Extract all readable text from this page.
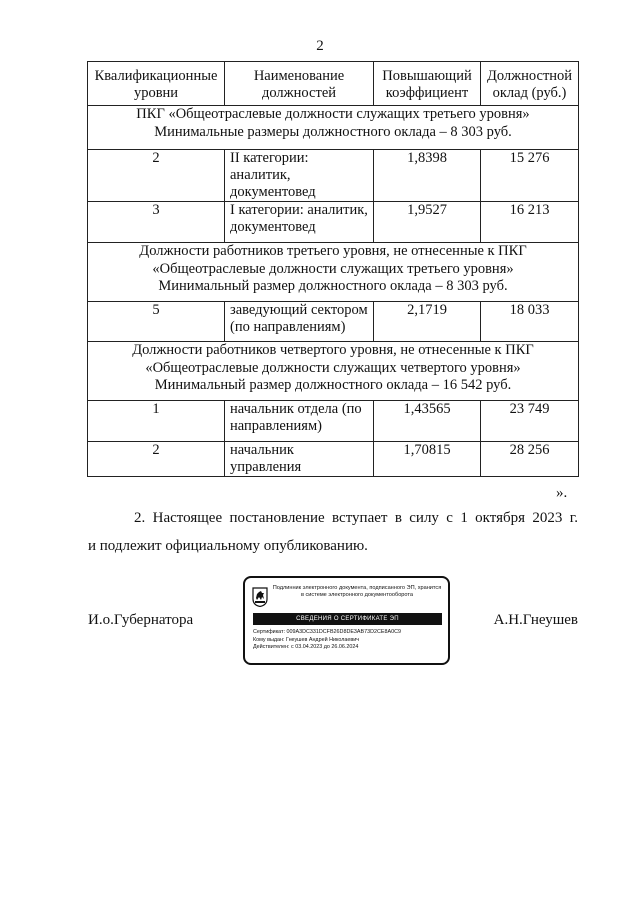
2
Квалификационные уровни	Наименование должностей	Повышающий коэффициент	Должностной оклад (руб.)

ПКГ «Общеотраслевые должности служащих третьего уровня»
Минимальные размеры должностного оклада – 8 303 руб.			

2	II категории: аналитик, документовед	1,8398	15 276
3	I категории: аналитик, документовед	1,9527	16 213

Должности работников третьего уровня, не отнесенные к ПКГ
«Общеотраслевые должности служащих третьего уровня»
Минимальный размер должностного оклада – 8 303 руб.			

5	заведующий сектором (по направлениям)	2,1719	18 033

Должности работников четвертого уровня, не отнесенные к ПКГ
«Общеотраслевые должности служащих четвертого уровня»
Минимальный размер должностного оклада – 16 542 руб.			

1	начальник отдела (по направлениям)	1,43565	23 749
2	начальник управления	1,70815	28 256
».
2. Настоящее постановление вступает в силу с 1 октября 2023 г.
и подлежит официальному опубликованию.
И.о.Губернатора	А.Н.Гнеушев
Подлинник электронного документа, подписанного ЭП, хранится в системе электронного документооборота
СВЕДЕНИЯ О СЕРТИФИКАТЕ ЭП
Сертификат: 009A3DC331DCFB26D8DE3AB73D2CE8A0C9
Кому выдан: Гнеушев Андрей Николаевич
Действителен: с 03.04.2023 до 26.06.2024
